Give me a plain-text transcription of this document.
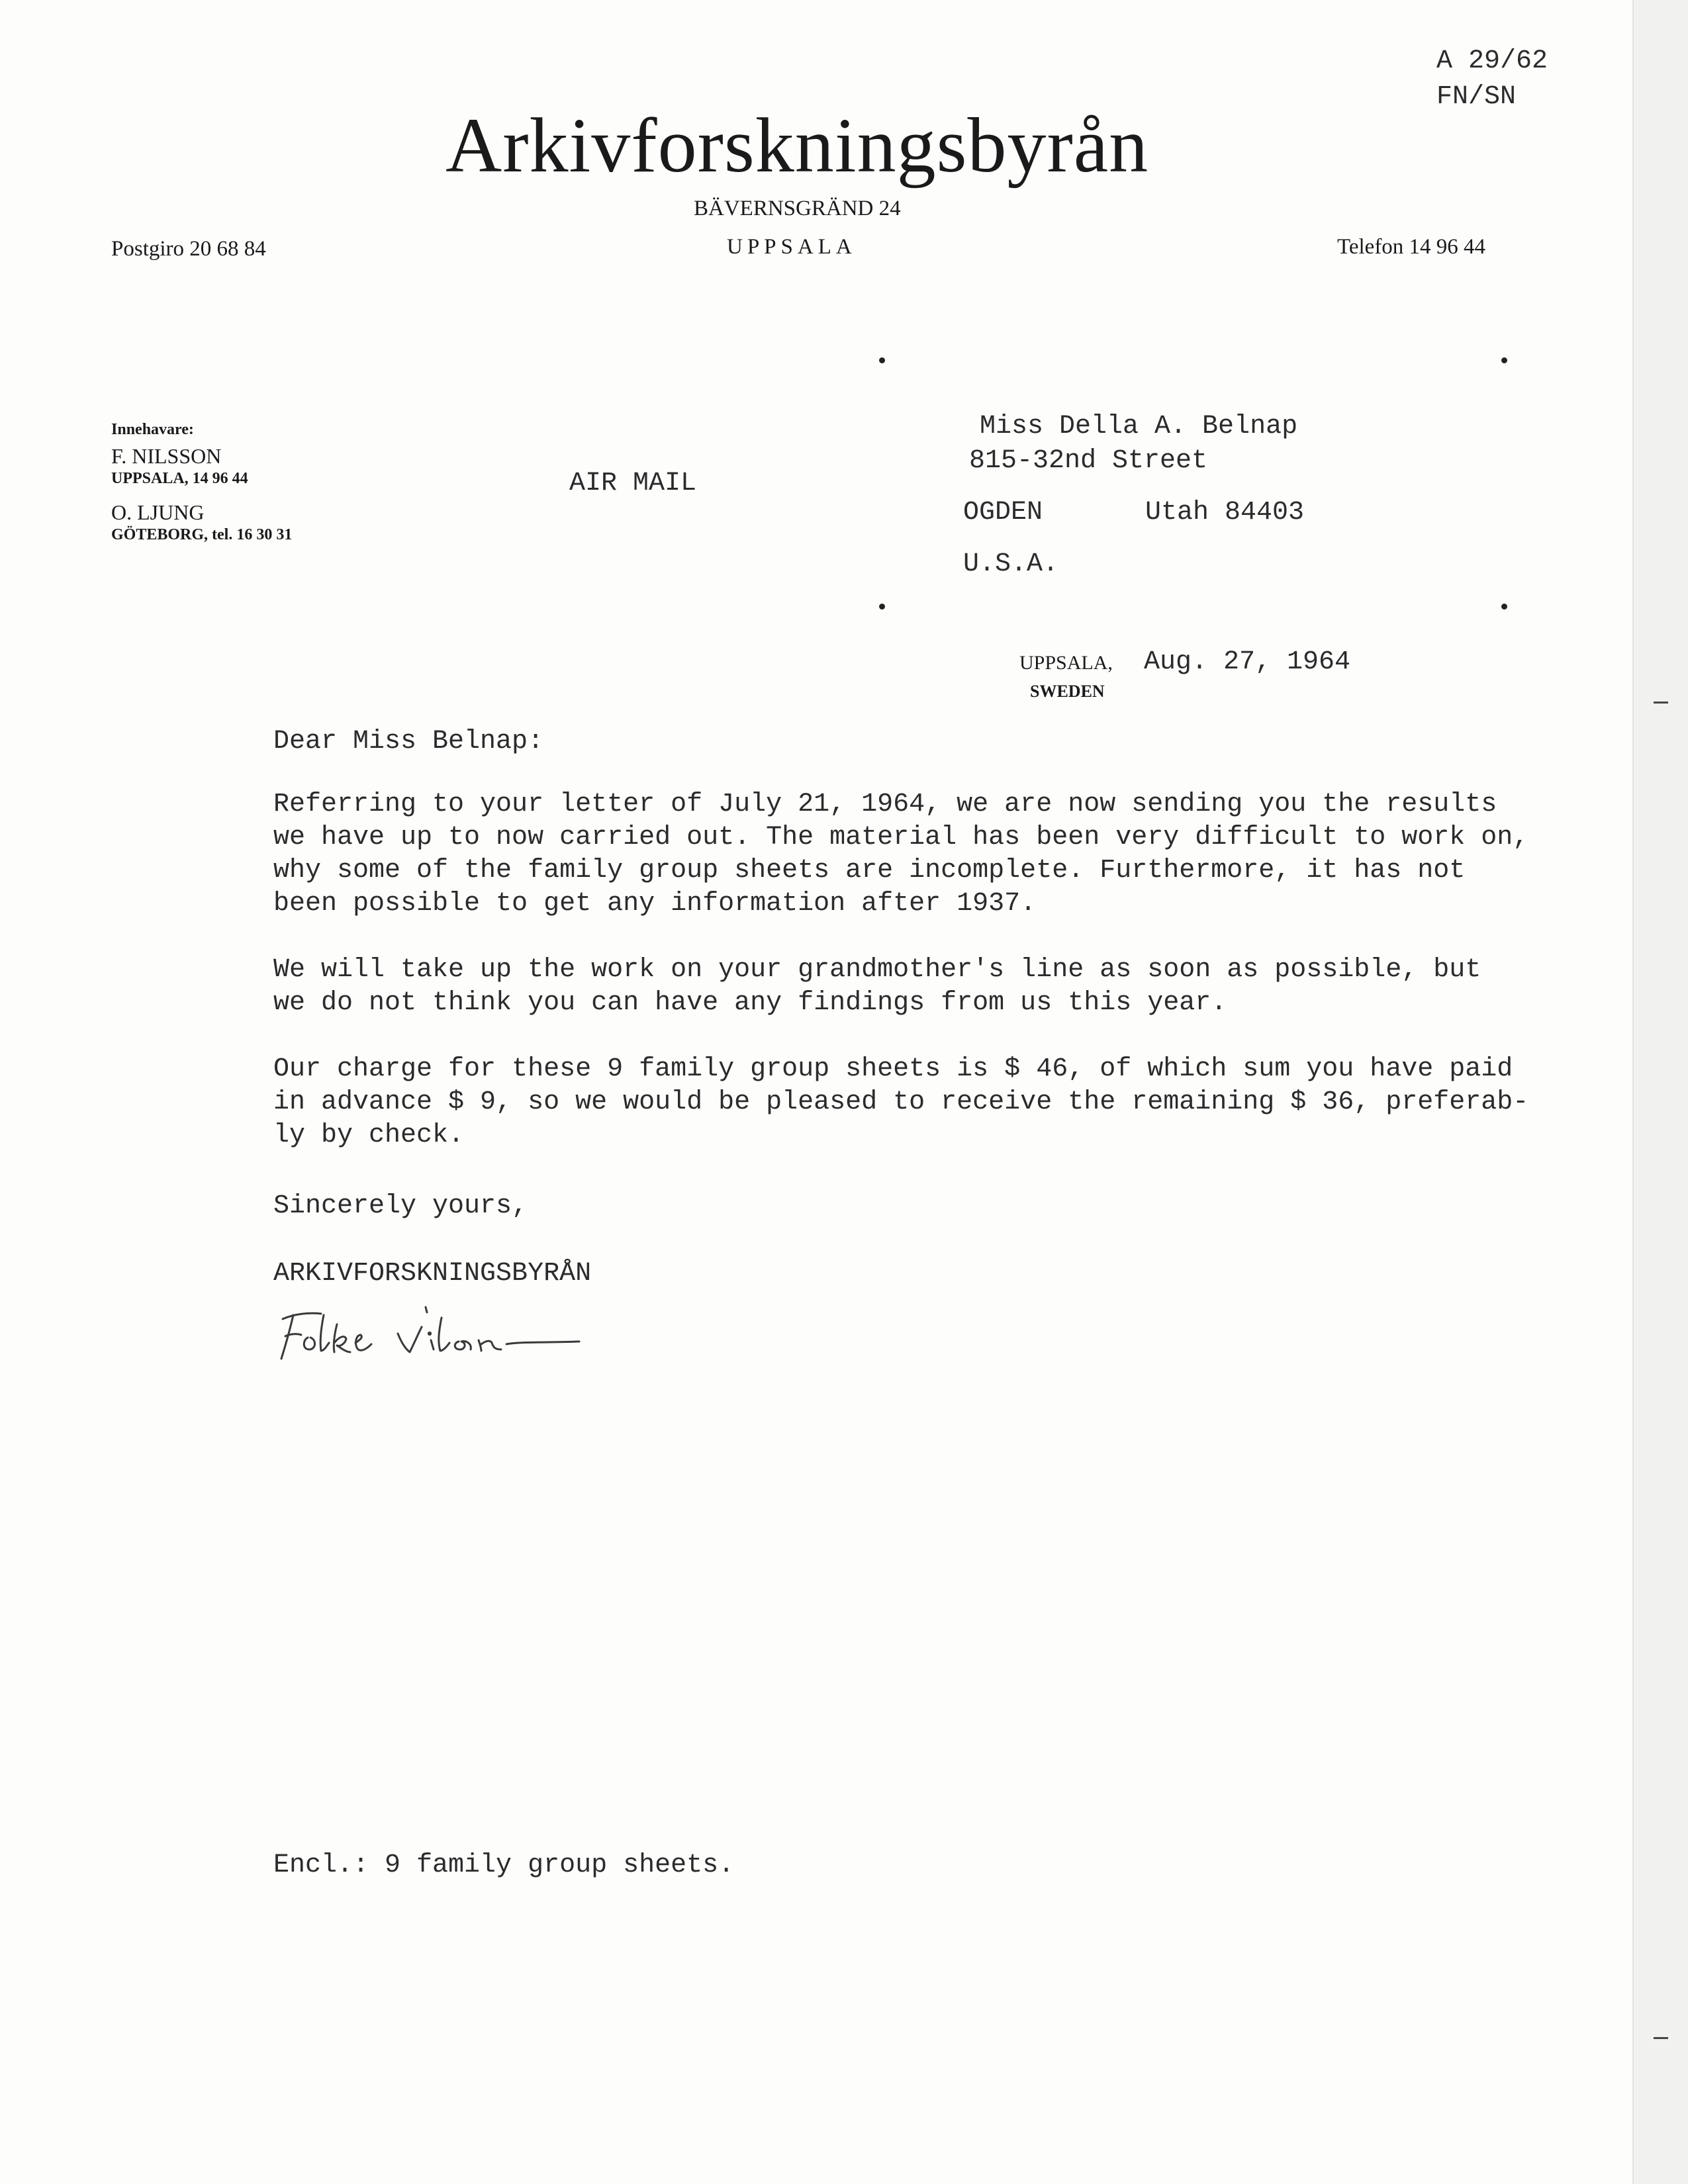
A 29/62
FN/SN
Arkivforskningsbyrån
BÄVERNSGRÄND 24
UPPSALA
Postgiro 20 68 84	Telefon 14 96 44
Innehavare:
F. NILSSON
UPPSALA, 14 96 44
O. LJUNG
GÖTEBORG, tel. 16 30 31
AIR MAIL
Miss Della A. Belnap
815-32nd Street
OGDEN	Utah 84403
U.S.A.
UPPSALA,
SWEDEN
Aug. 27, 1964
Dear Miss Belnap:
Referring to your letter of July 21, 1964, we are now sending you the results
we have up to now carried out. The material has been very difficult to work on,
why some of the family group sheets are incomplete. Furthermore, it has not
been possible to get any information after 1937.
We will take up the work on your grandmother's line as soon as possible, but
we do not think you can have any findings from us this year.
Our charge for these 9 family group sheets is $ 46, of which sum you have paid
in advance $ 9, so we would be pleased to receive the remaining $ 36, preferab-
ly by check.
Sincerely yours,
ARKIVFORSKNINGSBYRÅN
Encl.: 9 family group sheets.
